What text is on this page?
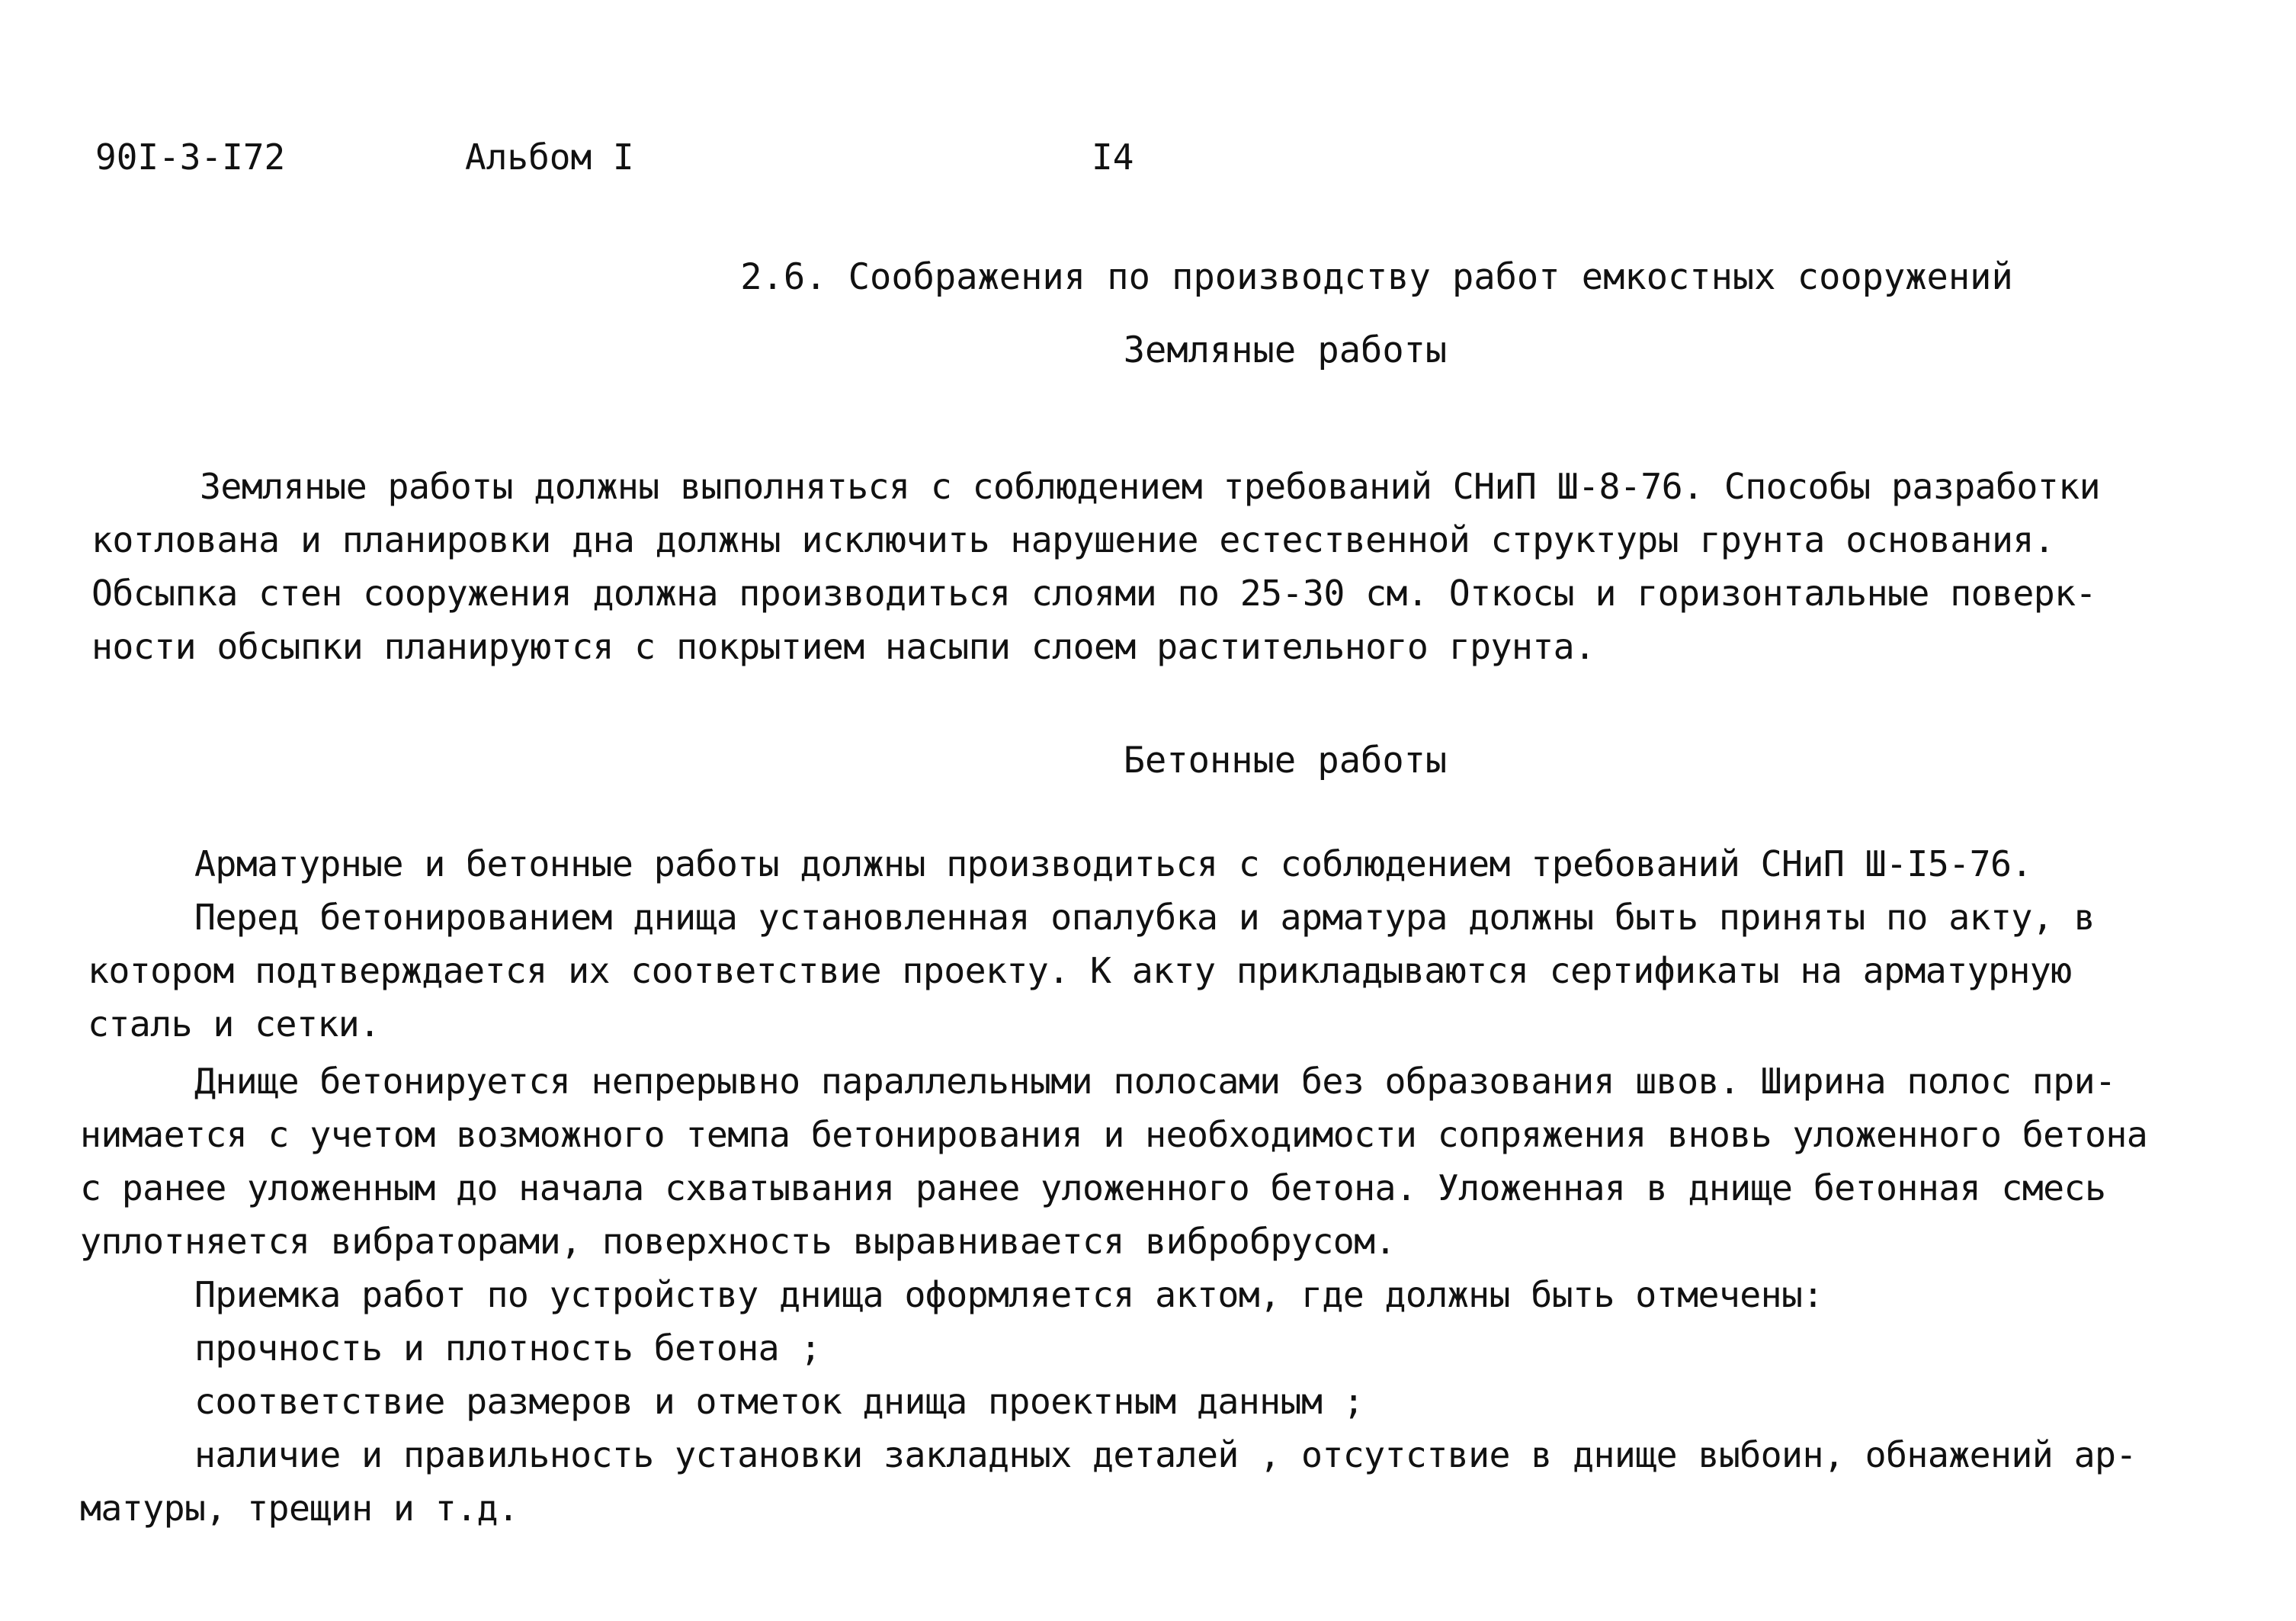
90I-3-I72	Альбом I	I4
2.6. Соображения по производству работ емкостных сооружений
Земляные работы
Земляные работы должны выполняться с соблюдением требований СНиП Ш-8-76. Способы разработки
котлована и планировки дна должны исключить нарушение естественной структуры грунта основания.
Обсыпка стен сооружения должна производиться слоями по 25-30 см. Откосы и горизонтальные поверк-
ности обсыпки планируются с покрытием насыпи слоем растительного грунта.
Бетонные работы
Арматурные и бетонные работы должны производиться с соблюдением требований СНиП Ш-I5-76.
Перед бетонированием днища установленная опалубка и арматура должны быть приняты по акту, в
котором подтверждается их соответствие проекту. К акту прикладываются сертификаты на арматурную
сталь и сетки.
Днище бетонируется непрерывно параллельными полосами без образования швов. Ширина полос при-
нимается с учетом возможного темпа бетонирования и необходимости сопряжения вновь уложенного бетона
с ранее уложенным до начала схватывания ранее уложенного бетона. Уложенная в днище бетонная смесь
уплотняется вибраторами, поверхность выравнивается вибробрусом.
Приемка работ по устройству днища оформляется актом, где должны быть отмечены:
прочность и плотность бетона ;
соответствие размеров и отметок днища проектным данным ;
наличие и правильность установки закладных деталей , отсутствие в днище выбоин, обнажений ар-
матуры, трещин и т.д.
